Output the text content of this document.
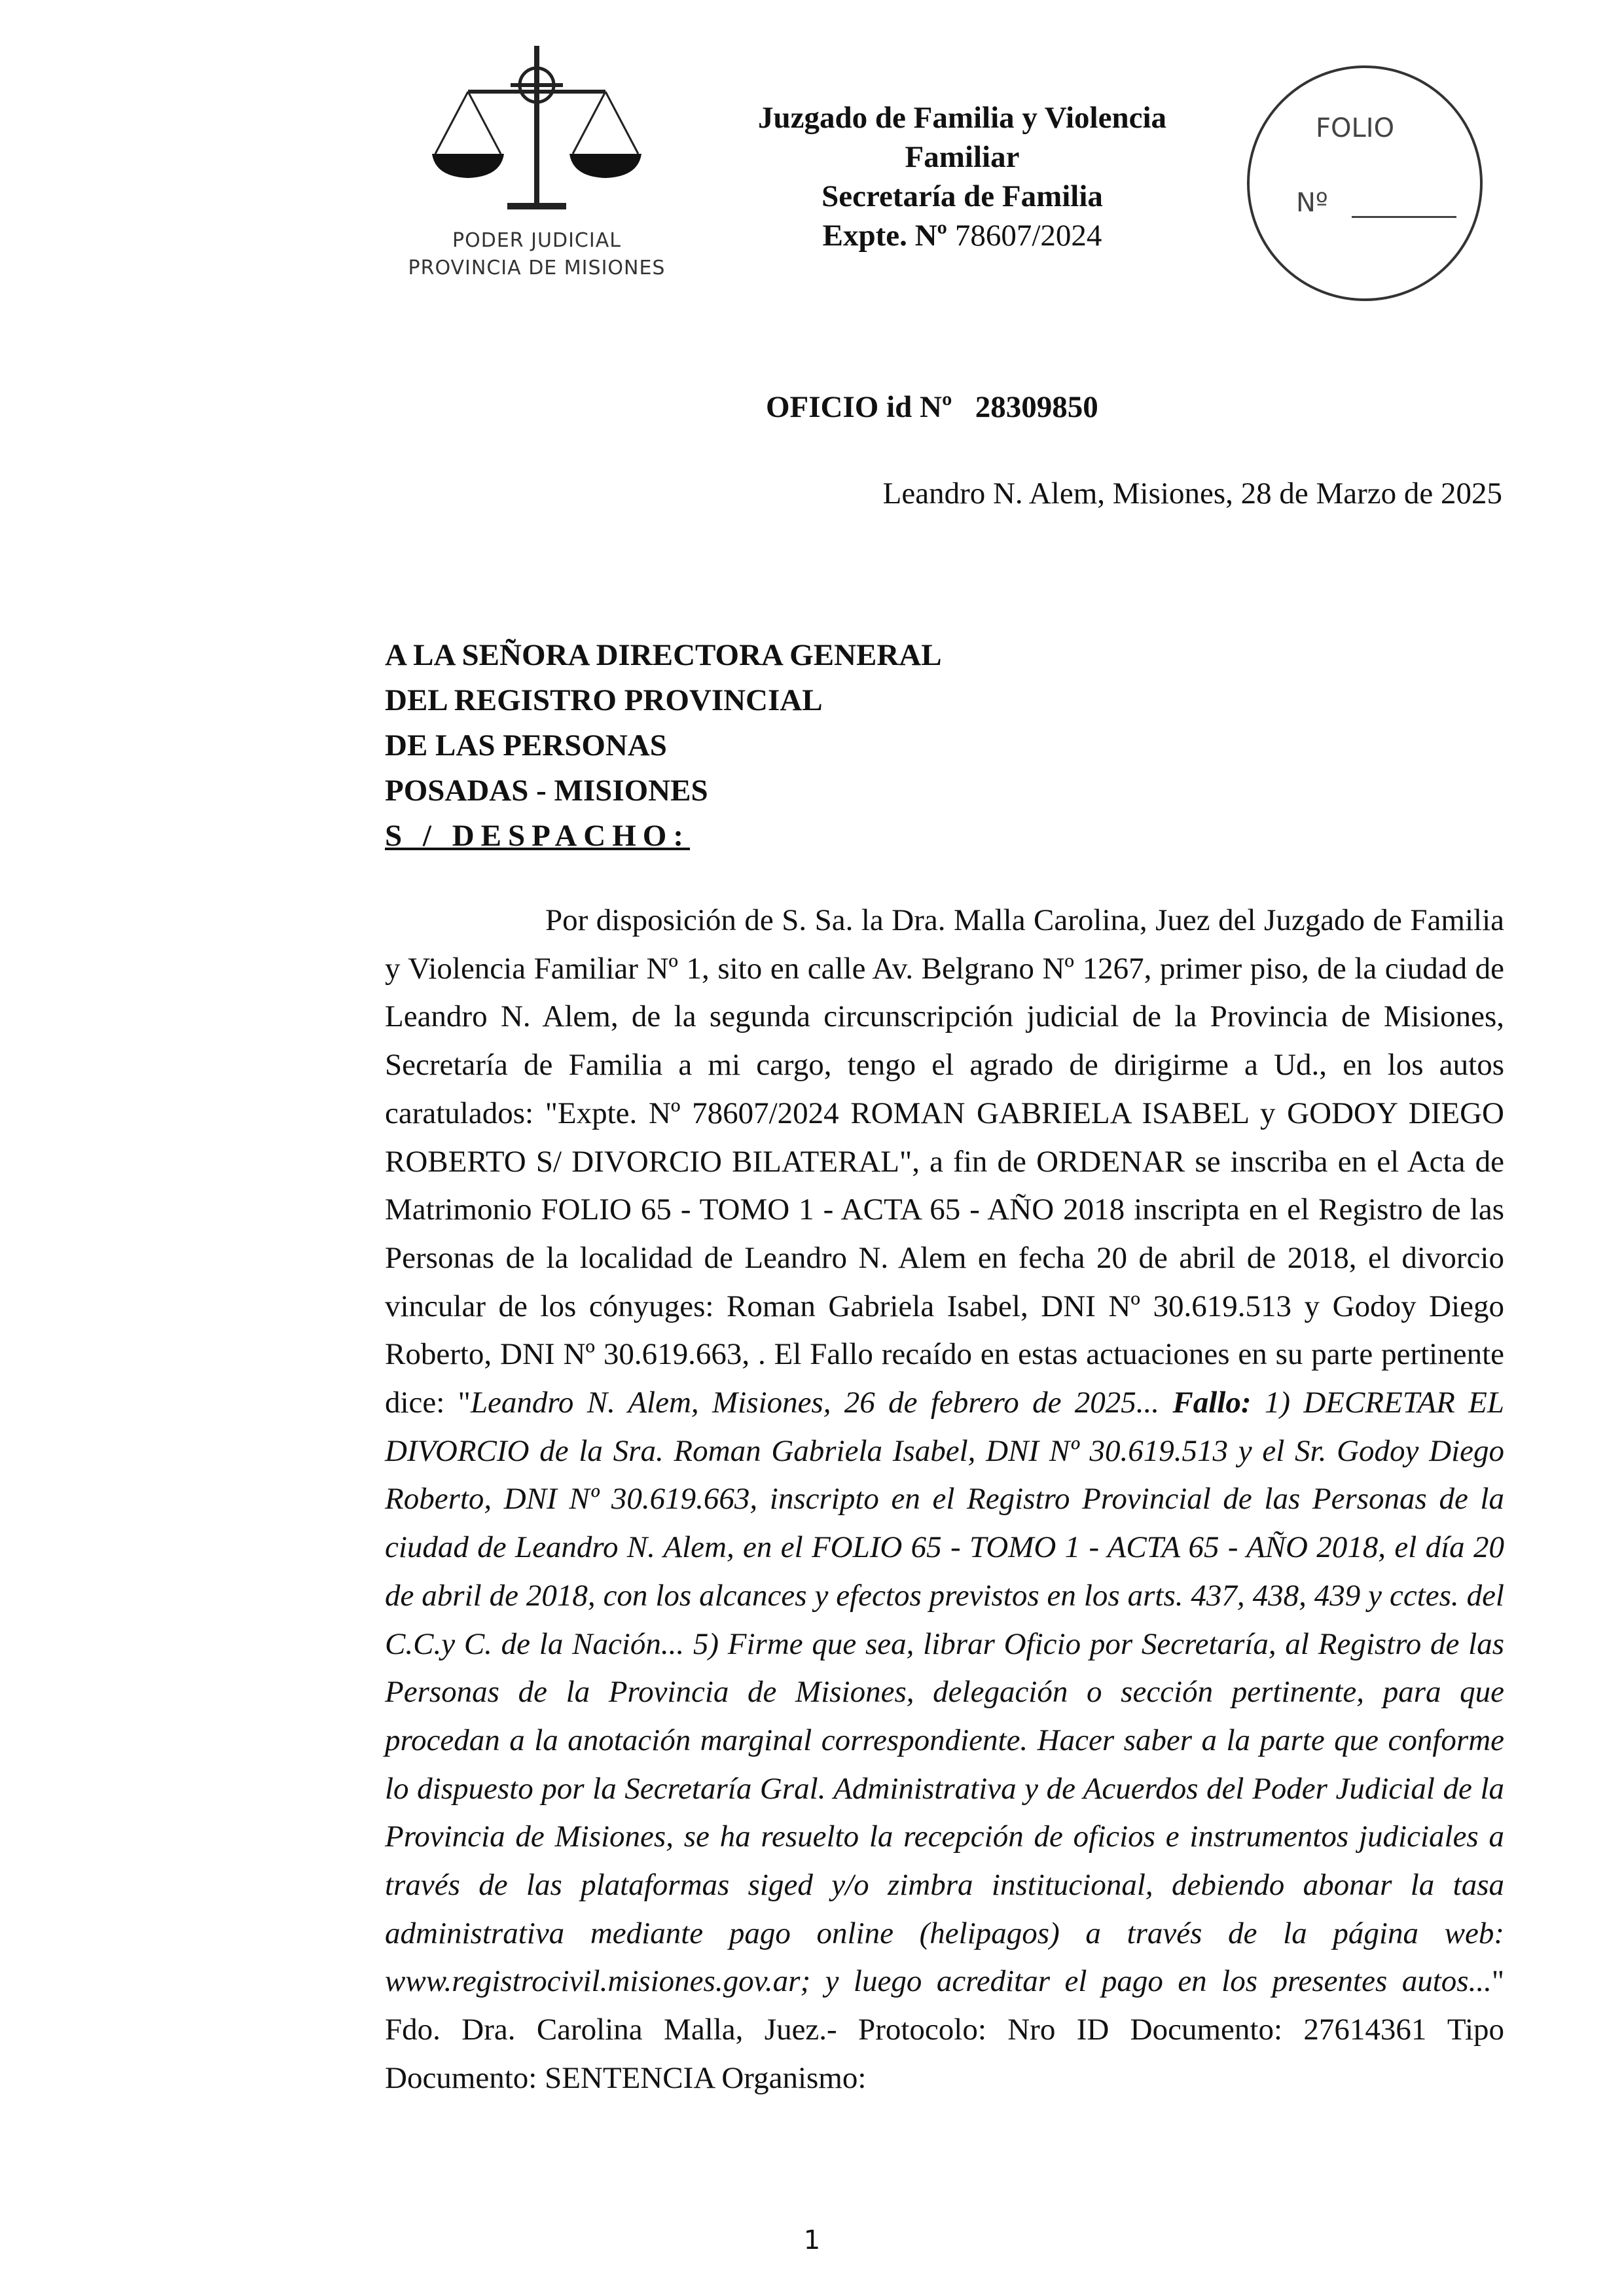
PODER JUDICIAL
PROVINCIA DE MISIONES
Juzgado de Familia y Violencia
Familiar
Secretaría de Familia
Expte. Nº 78607/2024
FOLIO
Nº
OFICIO id Nº 28309850
Leandro N. Alem, Misiones, 28 de Marzo de 2025
A LA SEÑORA DIRECTORA GENERAL
DEL REGISTRO PROVINCIAL
DE LAS PERSONAS
POSADAS - MISIONES
S / DESPACHO:
Por disposición de S. Sa. la Dra. Malla Carolina, Juez del Juzgado de Familia y Violencia Familiar Nº 1, sito en calle Av. Belgrano Nº 1267, primer piso, de la ciudad de Leandro N. Alem, de la segunda circunscripción judicial de la Provincia de Misiones, Secretaría de Familia a mi cargo, tengo el agrado de dirigirme a Ud., en los autos caratulados: "Expte. Nº 78607/2024 ROMAN GABRIELA ISABEL y GODOY DIEGO ROBERTO S/ DIVORCIO BILATERAL", a fin de ORDENAR se inscriba en el Acta de Matrimonio FOLIO 65 - TOMO 1 - ACTA 65 - AÑO 2018 inscripta en el Registro de las Personas de la localidad de Leandro N. Alem en fecha 20 de abril de 2018, el divorcio vincular de los cónyuges: Roman Gabriela Isabel, DNI Nº 30.619.513 y Godoy Diego Roberto, DNI Nº 30.619.663, . El Fallo recaído en estas actuaciones en su parte pertinente dice: "Leandro N. Alem, Misiones, 26 de febrero de 2025... Fallo: 1) DECRETAR EL DIVORCIO de la Sra. Roman Gabriela Isabel, DNI Nº 30.619.513 y el Sr. Godoy Diego Roberto, DNI Nº 30.619.663, inscripto en el Registro Provincial de las Personas de la ciudad de Leandro N. Alem, en el FOLIO 65 - TOMO 1 - ACTA 65 - AÑO 2018, el día 20 de abril de 2018, con los alcances y efectos previstos en los arts. 437, 438, 439 y cctes. del C.C.y C. de la Nación... 5) Firme que sea, librar Oficio por Secretaría, al Registro de las Personas de la Provincia de Misiones, delegación o sección pertinente, para que procedan a la anotación marginal correspondiente. Hacer saber a la parte que conforme lo dispuesto por la Secretaría Gral. Administrativa y de Acuerdos del Poder Judicial de la Provincia de Misiones, se ha resuelto la recepción de oficios e instrumentos judiciales a través de las plataformas siged y/o zimbra institucional, debiendo abonar la tasa administrativa mediante pago online (helipagos) a través de la página web: www.registrocivil.misiones.gov.ar; y luego acreditar el pago en los presentes autos..." Fdo. Dra. Carolina Malla, Juez.- Protocolo: Nro ID Documento: 27614361 Tipo Documento: SENTENCIA Organismo:
1
